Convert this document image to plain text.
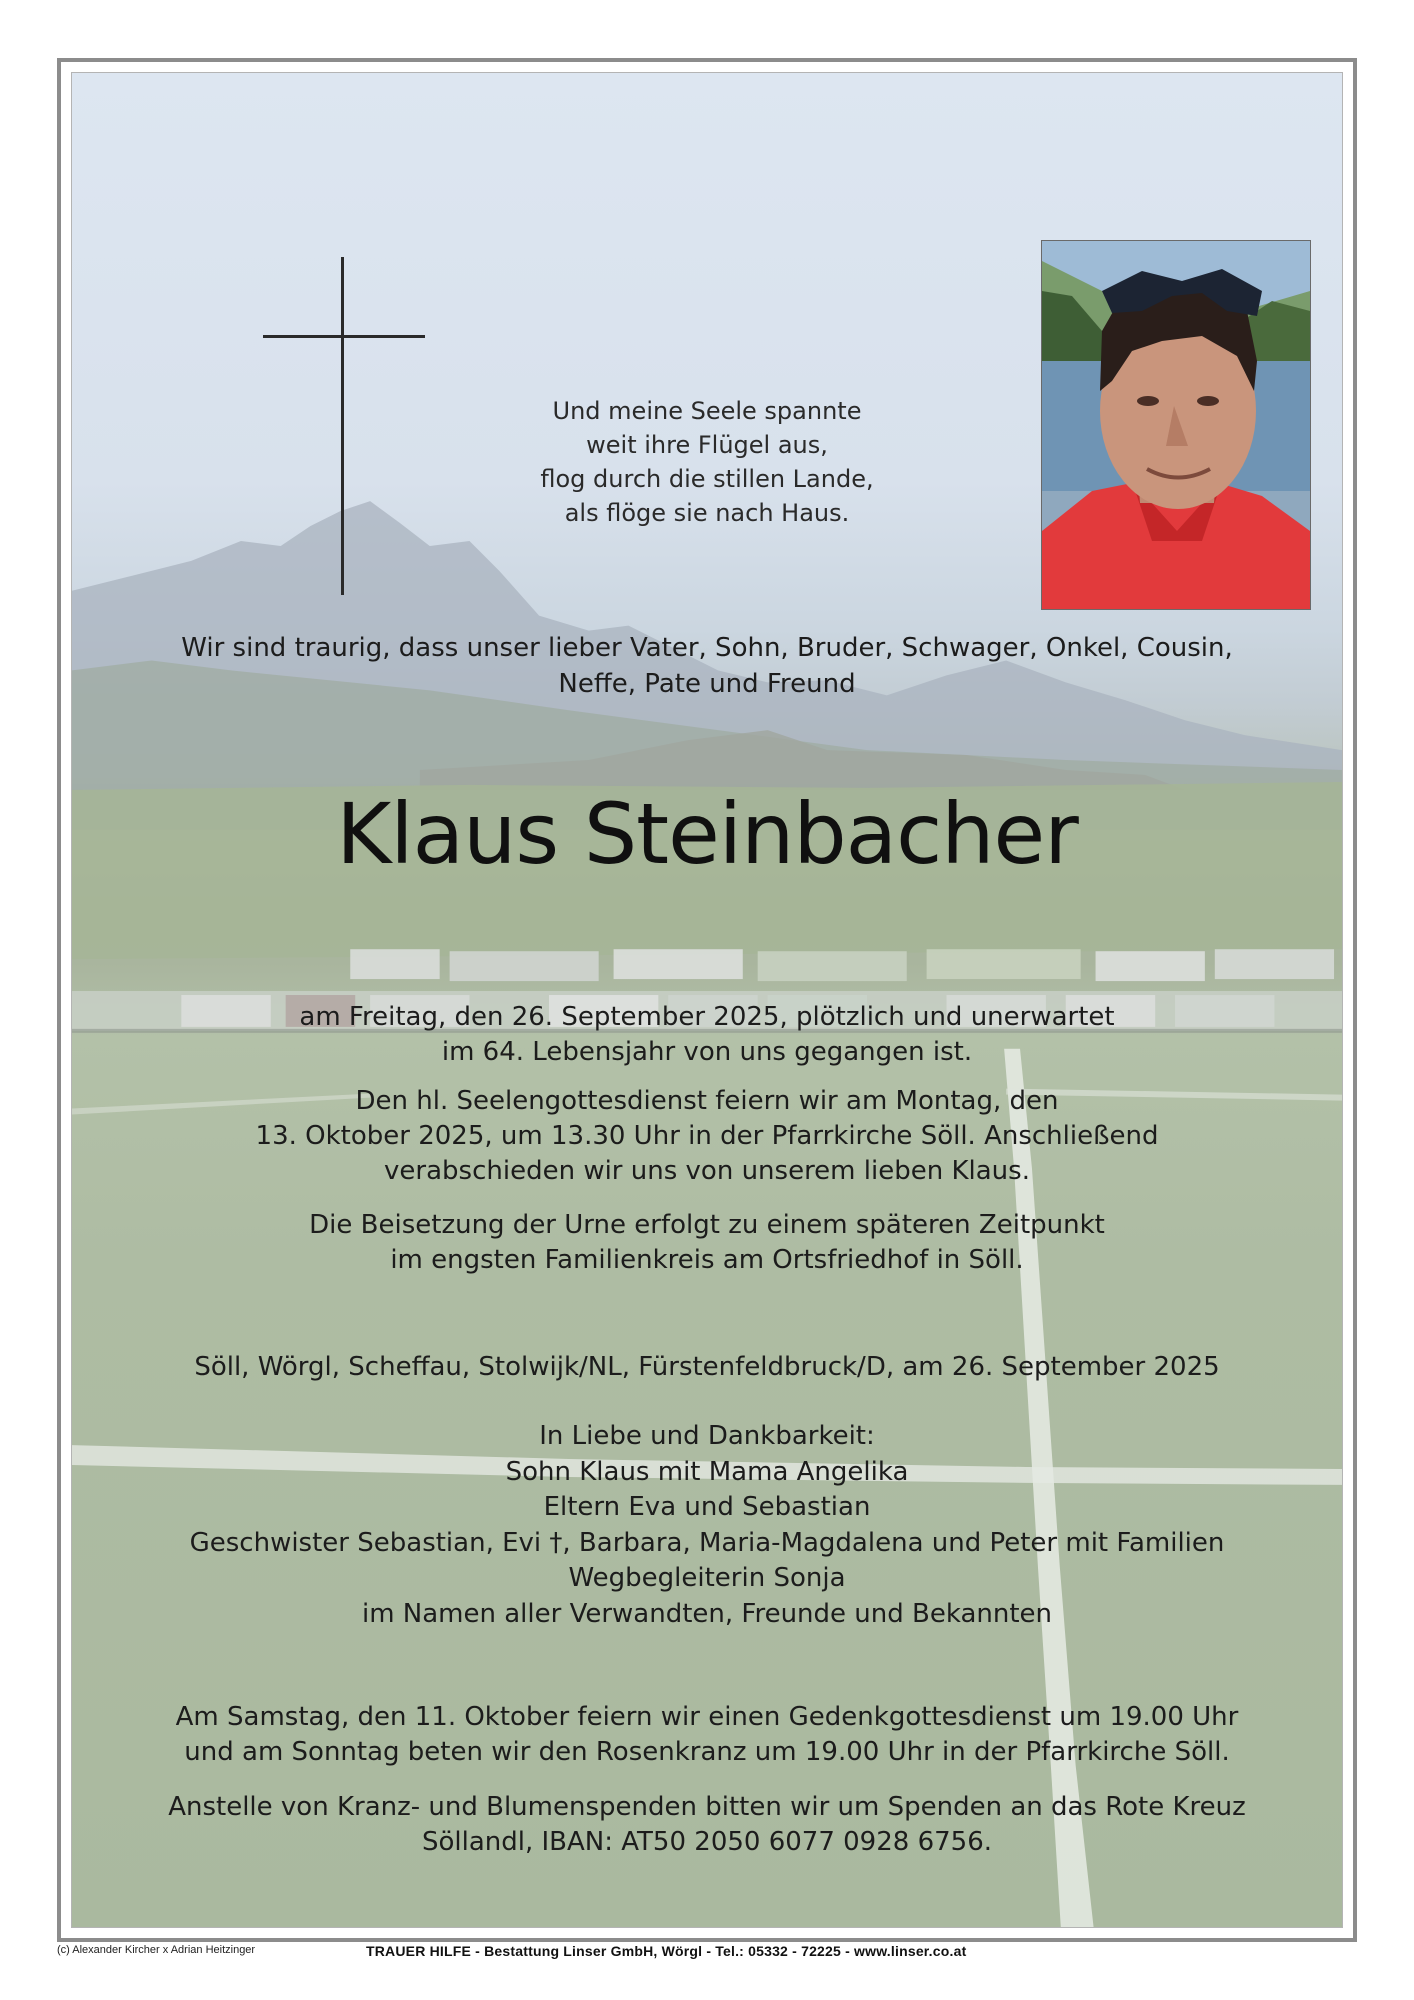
Und meine Seele spannte
weit ihre Flügel aus,
flog durch die stillen Lande,
als flöge sie nach Haus.
Wir sind traurig, dass unser lieber Vater, Sohn, Bruder, Schwager, Onkel, Cousin,
Neffe, Pate und Freund
Klaus Steinbacher
am Freitag, den 26. September 2025, plötzlich und unerwartet
im 64. Lebensjahr von uns gegangen ist.
Den hl. Seelengottesdienst feiern wir am Montag, den
13. Oktober 2025, um 13.30 Uhr in der Pfarrkirche Söll. Anschließend
verabschieden wir uns von unserem lieben Klaus.
Die Beisetzung der Urne erfolgt zu einem späteren Zeitpunkt
im engsten Familienkreis am Ortsfriedhof in Söll.
Söll, Wörgl, Scheffau, Stolwijk/NL, Fürstenfeldbruck/D, am 26. September 2025
In Liebe und Dankbarkeit:
Sohn Klaus mit Mama Angelika
Eltern Eva und Sebastian
Geschwister Sebastian, Evi †, Barbara, Maria-Magdalena und Peter mit Familien
Wegbegleiterin Sonja
im Namen aller Verwandten, Freunde und Bekannten
Am Samstag, den 11. Oktober feiern wir einen Gedenkgottesdienst um 19.00 Uhr
und am Sonntag beten wir den Rosenkranz um 19.00 Uhr in der Pfarrkirche Söll.
Anstelle von Kranz- und Blumenspenden bitten wir um Spenden an das Rote Kreuz
Söllandl, IBAN: AT50 2050 6077 0928 6756.
(c) Alexander Kircher x Adrian Heitzinger	TRAUER HILFE - Bestattung Linser GmbH, Wörgl - Tel.: 05332 - 72225 - www.linser.co.at
